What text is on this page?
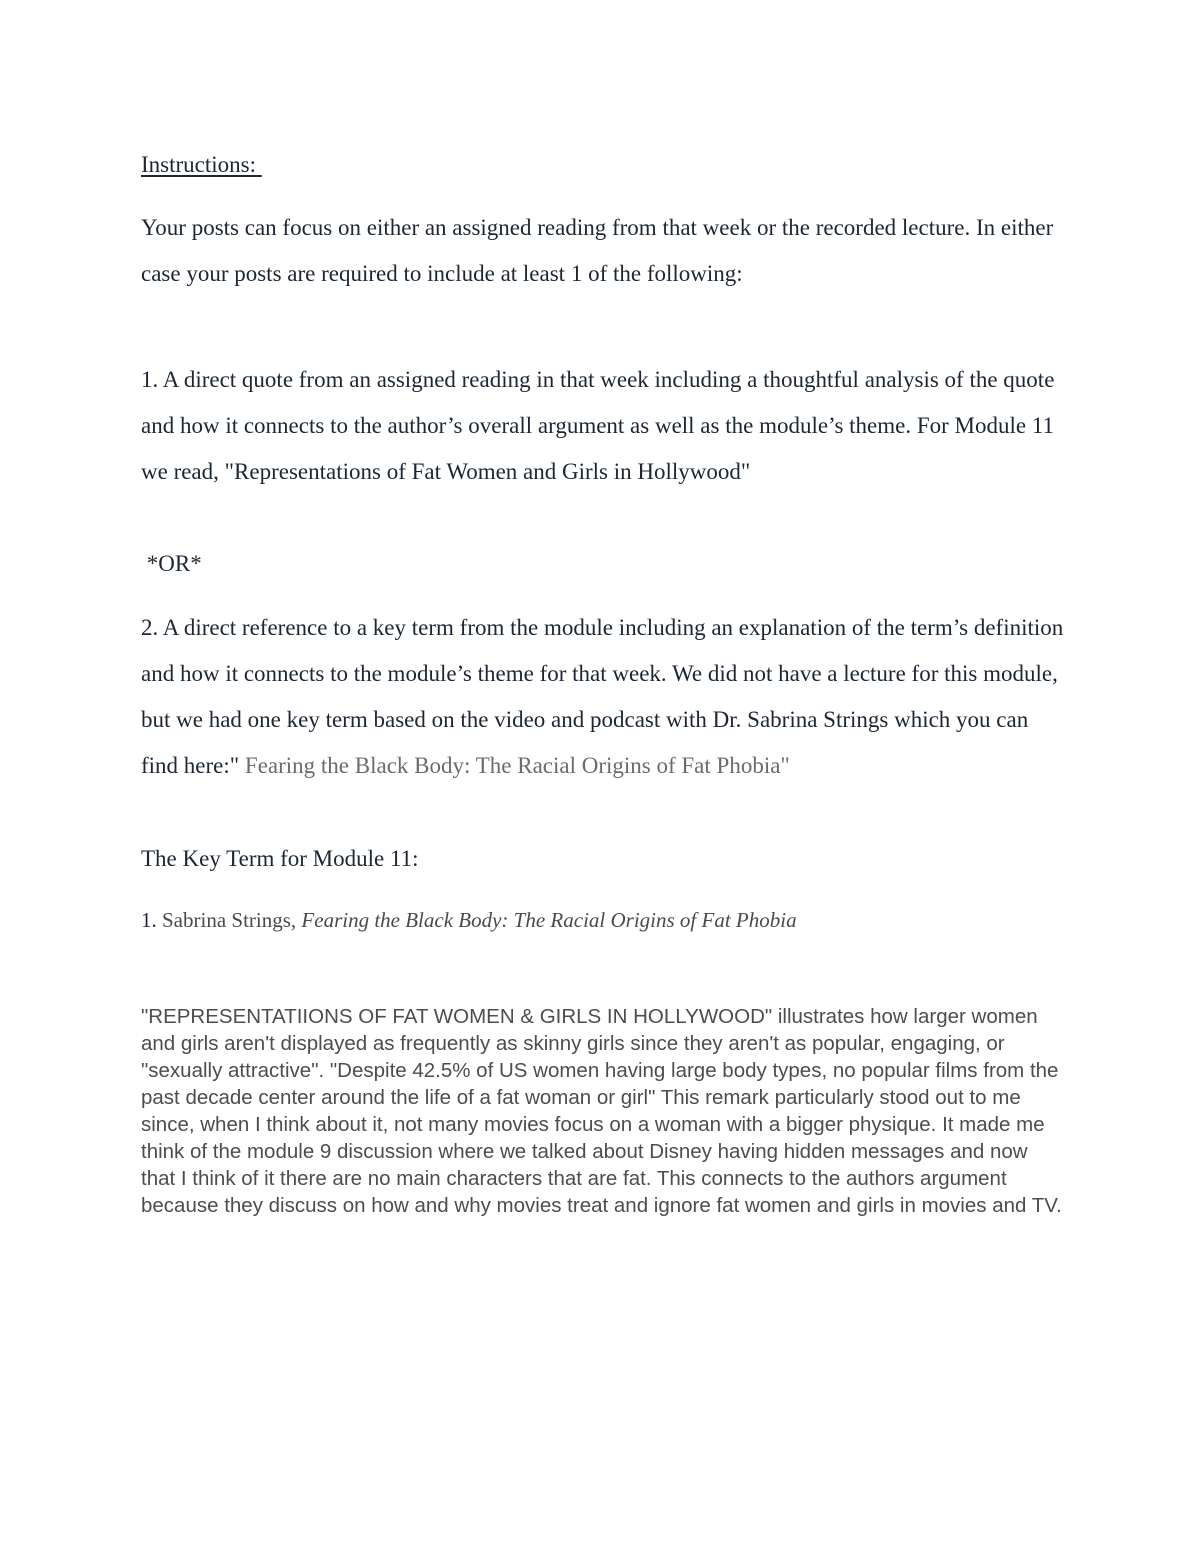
Instructions:
Your posts can focus on either an assigned reading from that week or the recorded lecture. In either case your posts are required to include at least 1 of the following:
1. A direct quote from an assigned reading in that week including a thoughtful analysis of the quote and how it connects to the author’s overall argument as well as the module’s theme. For Module 11 we read, "Representations of Fat Women and Girls in Hollywood"
*OR*
2. A direct reference to a key term from the module including an explanation of the term’s definition and how it connects to the module’s theme for that week. We did not have a lecture for this module, but we had one key term based on the video and podcast with Dr. Sabrina Strings which you can find here:" Fearing the Black Body: The Racial Origins of Fat Phobia"
The Key Term for Module 11:
1. Sabrina Strings, Fearing the Black Body: The Racial Origins of Fat Phobia
"REPRESENTATIIONS OF FAT WOMEN & GIRLS IN HOLLYWOOD" illustrates how larger women and girls aren't displayed as frequently as skinny girls since they aren't as popular, engaging, or "sexually attractive". "Despite 42.5% of US women having large body types, no popular films from the past decade center around the life of a fat woman or girl" This remark particularly stood out to me since, when I think about it, not many movies focus on a woman with a bigger physique. It made me think of the module 9 discussion where we talked about Disney having hidden messages and now that I think of it there are no main characters that are fat. This connects to the authors argument because they discuss on how and why movies treat and ignore fat women and girls in movies and TV.
